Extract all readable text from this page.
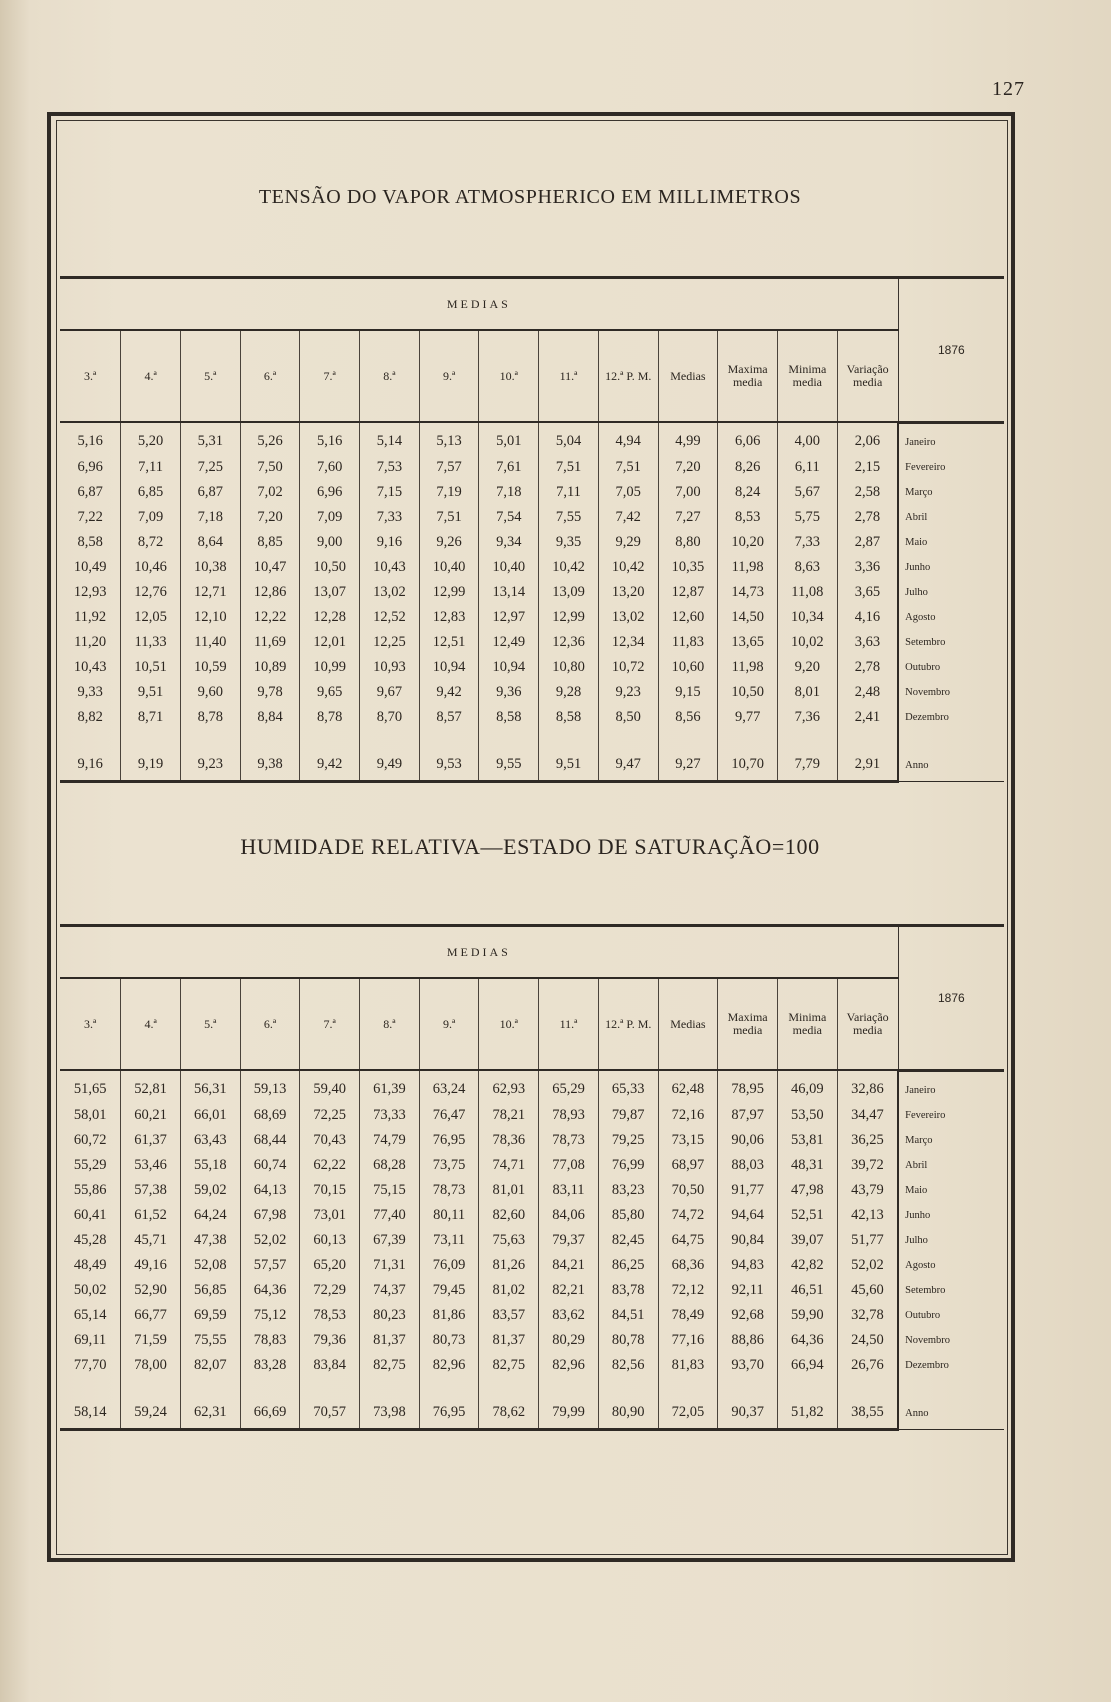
127
TENSÃO DO VAPOR ATMOSPHERICO EM MILLIMETROS
MEDIAS														1876
3.ª	4.ª	5.ª	6.ª	7.ª	8.ª	9.ª	10.ª	11.ª	12.ª P. M.	Medias	Maxima media	Minima media	Variação media	
5,16	5,20	5,31	5,26	5,16	5,14	5,13	5,01	5,04	4,94	4,99	6,06	4,00	2,06	Janeiro
6,96	7,11	7,25	7,50	7,60	7,53	7,57	7,61	7,51	7,51	7,20	8,26	6,11	2,15	Fevereiro
6,87	6,85	6,87	7,02	6,96	7,15	7,19	7,18	7,11	7,05	7,00	8,24	5,67	2,58	Março
7,22	7,09	7,18	7,20	7,09	7,33	7,51	7,54	7,55	7,42	7,27	8,53	5,75	2,78	Abril
8,58	8,72	8,64	8,85	9,00	9,16	9,26	9,34	9,35	9,29	8,80	10,20	7,33	2,87	Maio
10,49	10,46	10,38	10,47	10,50	10,43	10,40	10,40	10,42	10,42	10,35	11,98	8,63	3,36	Junho
12,93	12,76	12,71	12,86	13,07	13,02	12,99	13,14	13,09	13,20	12,87	14,73	11,08	3,65	Julho
11,92	12,05	12,10	12,22	12,28	12,52	12,83	12,97	12,99	13,02	12,60	14,50	10,34	4,16	Agosto
11,20	11,33	11,40	11,69	12,01	12,25	12,51	12,49	12,36	12,34	11,83	13,65	10,02	3,63	Setembro
10,43	10,51	10,59	10,89	10,99	10,93	10,94	10,94	10,80	10,72	10,60	11,98	9,20	2,78	Outubro
9,33	9,51	9,60	9,78	9,65	9,67	9,42	9,36	9,28	9,23	9,15	10,50	8,01	2,48	Novembro
8,82	8,71	8,78	8,84	8,78	8,70	8,57	8,58	8,58	8,50	8,56	9,77	7,36	2,41	Dezembro

9,16	9,19	9,23	9,38	9,42	9,49	9,53	9,55	9,51	9,47	9,27	10,70	7,79	2,91	Anno
HUMIDADE RELATIVA—ESTADO DE SATURAÇÃO=100
MEDIAS														1876
3.ª	4.ª	5.ª	6.ª	7.ª	8.ª	9.ª	10.ª	11.ª	12.ª P. M.	Medias	Maxima media	Minima media	Variação media	
51,65	52,81	56,31	59,13	59,40	61,39	63,24	62,93	65,29	65,33	62,48	78,95	46,09	32,86	Janeiro
58,01	60,21	66,01	68,69	72,25	73,33	76,47	78,21	78,93	79,87	72,16	87,97	53,50	34,47	Fevereiro
60,72	61,37	63,43	68,44	70,43	74,79	76,95	78,36	78,73	79,25	73,15	90,06	53,81	36,25	Março
55,29	53,46	55,18	60,74	62,22	68,28	73,75	74,71	77,08	76,99	68,97	88,03	48,31	39,72	Abril
55,86	57,38	59,02	64,13	70,15	75,15	78,73	81,01	83,11	83,23	70,50	91,77	47,98	43,79	Maio
60,41	61,52	64,24	67,98	73,01	77,40	80,11	82,60	84,06	85,80	74,72	94,64	52,51	42,13	Junho
45,28	45,71	47,38	52,02	60,13	67,39	73,11	75,63	79,37	82,45	64,75	90,84	39,07	51,77	Julho
48,49	49,16	52,08	57,57	65,20	71,31	76,09	81,26	84,21	86,25	68,36	94,83	42,82	52,02	Agosto
50,02	52,90	56,85	64,36	72,29	74,37	79,45	81,02	82,21	83,78	72,12	92,11	46,51	45,60	Setembro
65,14	66,77	69,59	75,12	78,53	80,23	81,86	83,57	83,62	84,51	78,49	92,68	59,90	32,78	Outubro
69,11	71,59	75,55	78,83	79,36	81,37	80,73	81,37	80,29	80,78	77,16	88,86	64,36	24,50	Novembro
77,70	78,00	82,07	83,28	83,84	82,75	82,96	82,75	82,96	82,56	81,83	93,70	66,94	26,76	Dezembro

58,14	59,24	62,31	66,69	70,57	73,98	76,95	78,62	79,99	80,90	72,05	90,37	51,82	38,55	Anno
